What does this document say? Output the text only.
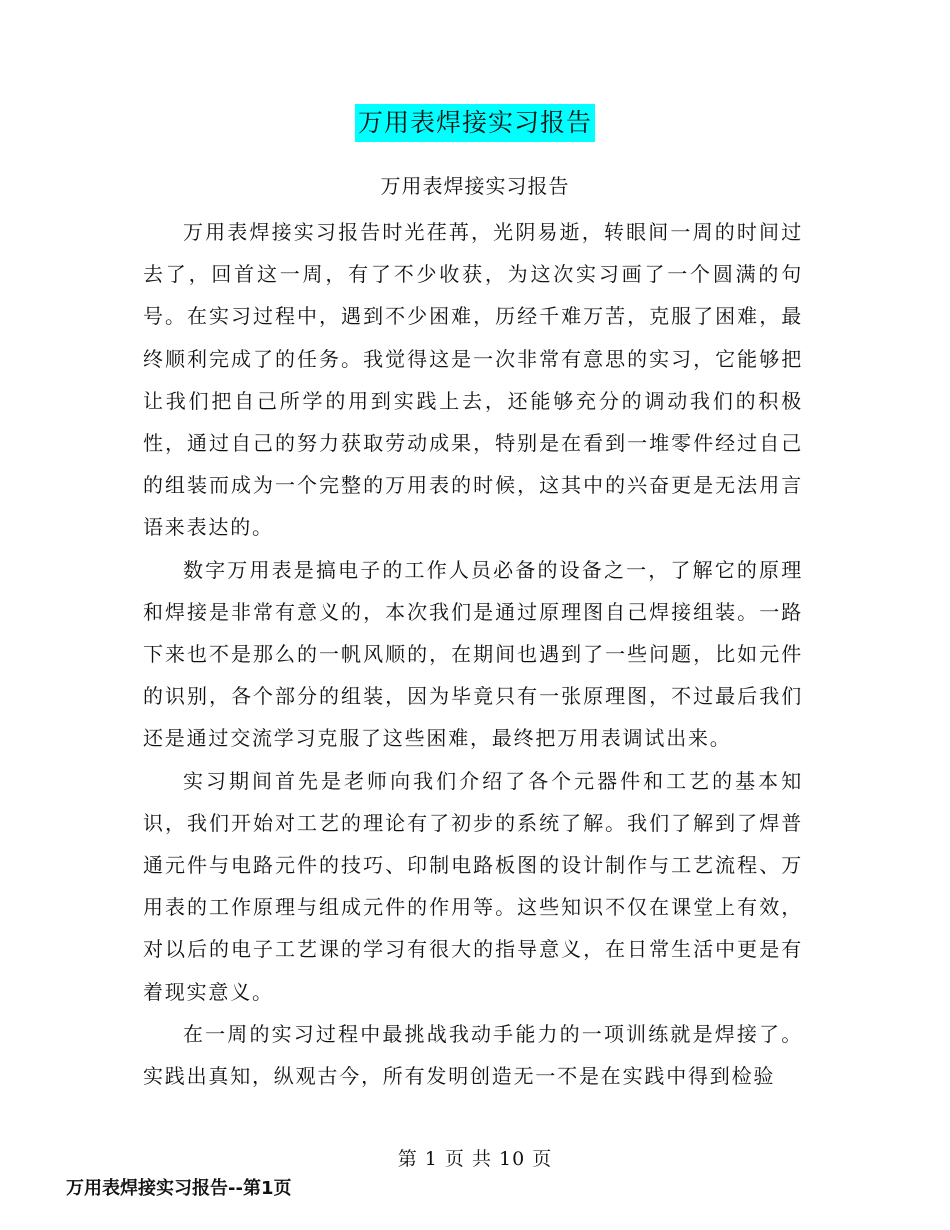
万用表焊接实习报告
万用表焊接实习报告

万用表焊接实习报告时光荏苒，光阴易逝，转眼间一周的时间过去了，回首这一周，有了不少收获，为这次实习画了一个圆满的句号。在实习过程中，遇到不少困难，历经千难万苦，克服了困难，最终顺利完成了的任务。我觉得这是一次非常有意思的实习，它能够把让我们把自己所学的用到实践上去，还能够充分的调动我们的积极性，通过自己的努力获取劳动成果，特别是在看到一堆零件经过自己的组装而成为一个完整的万用表的时候，这其中的兴奋更是无法用言语来表达的。

数字万用表是搞电子的工作人员必备的设备之一，了解它的原理和焊接是非常有意义的，本次我们是通过原理图自己焊接组装。一路下来也不是那么的一帆风顺的，在期间也遇到了一些问题，比如元件的识别，各个部分的组装，因为毕竟只有一张原理图，不过最后我们还是通过交流学习克服了这些困难，最终把万用表调试出来。

实习期间首先是老师向我们介绍了各个元器件和工艺的基本知识，我们开始对工艺的理论有了初步的系统了解。我们了解到了焊普通元件与电路元件的技巧、印制电路板图的设计制作与工艺流程、万用表的工作原理与组成元件的作用等。这些知识不仅在课堂上有效，对以后的电子工艺课的学习有很大的指导意义，在日常生活中更是有着现实意义。

在一周的实习过程中最挑战我动手能力的一项训练就是焊接了。实践出真知，纵观古今，所有发明创造无一不是在实践中得到检验

第 1 页 共 10 页
万用表焊接实习报告--第1页
